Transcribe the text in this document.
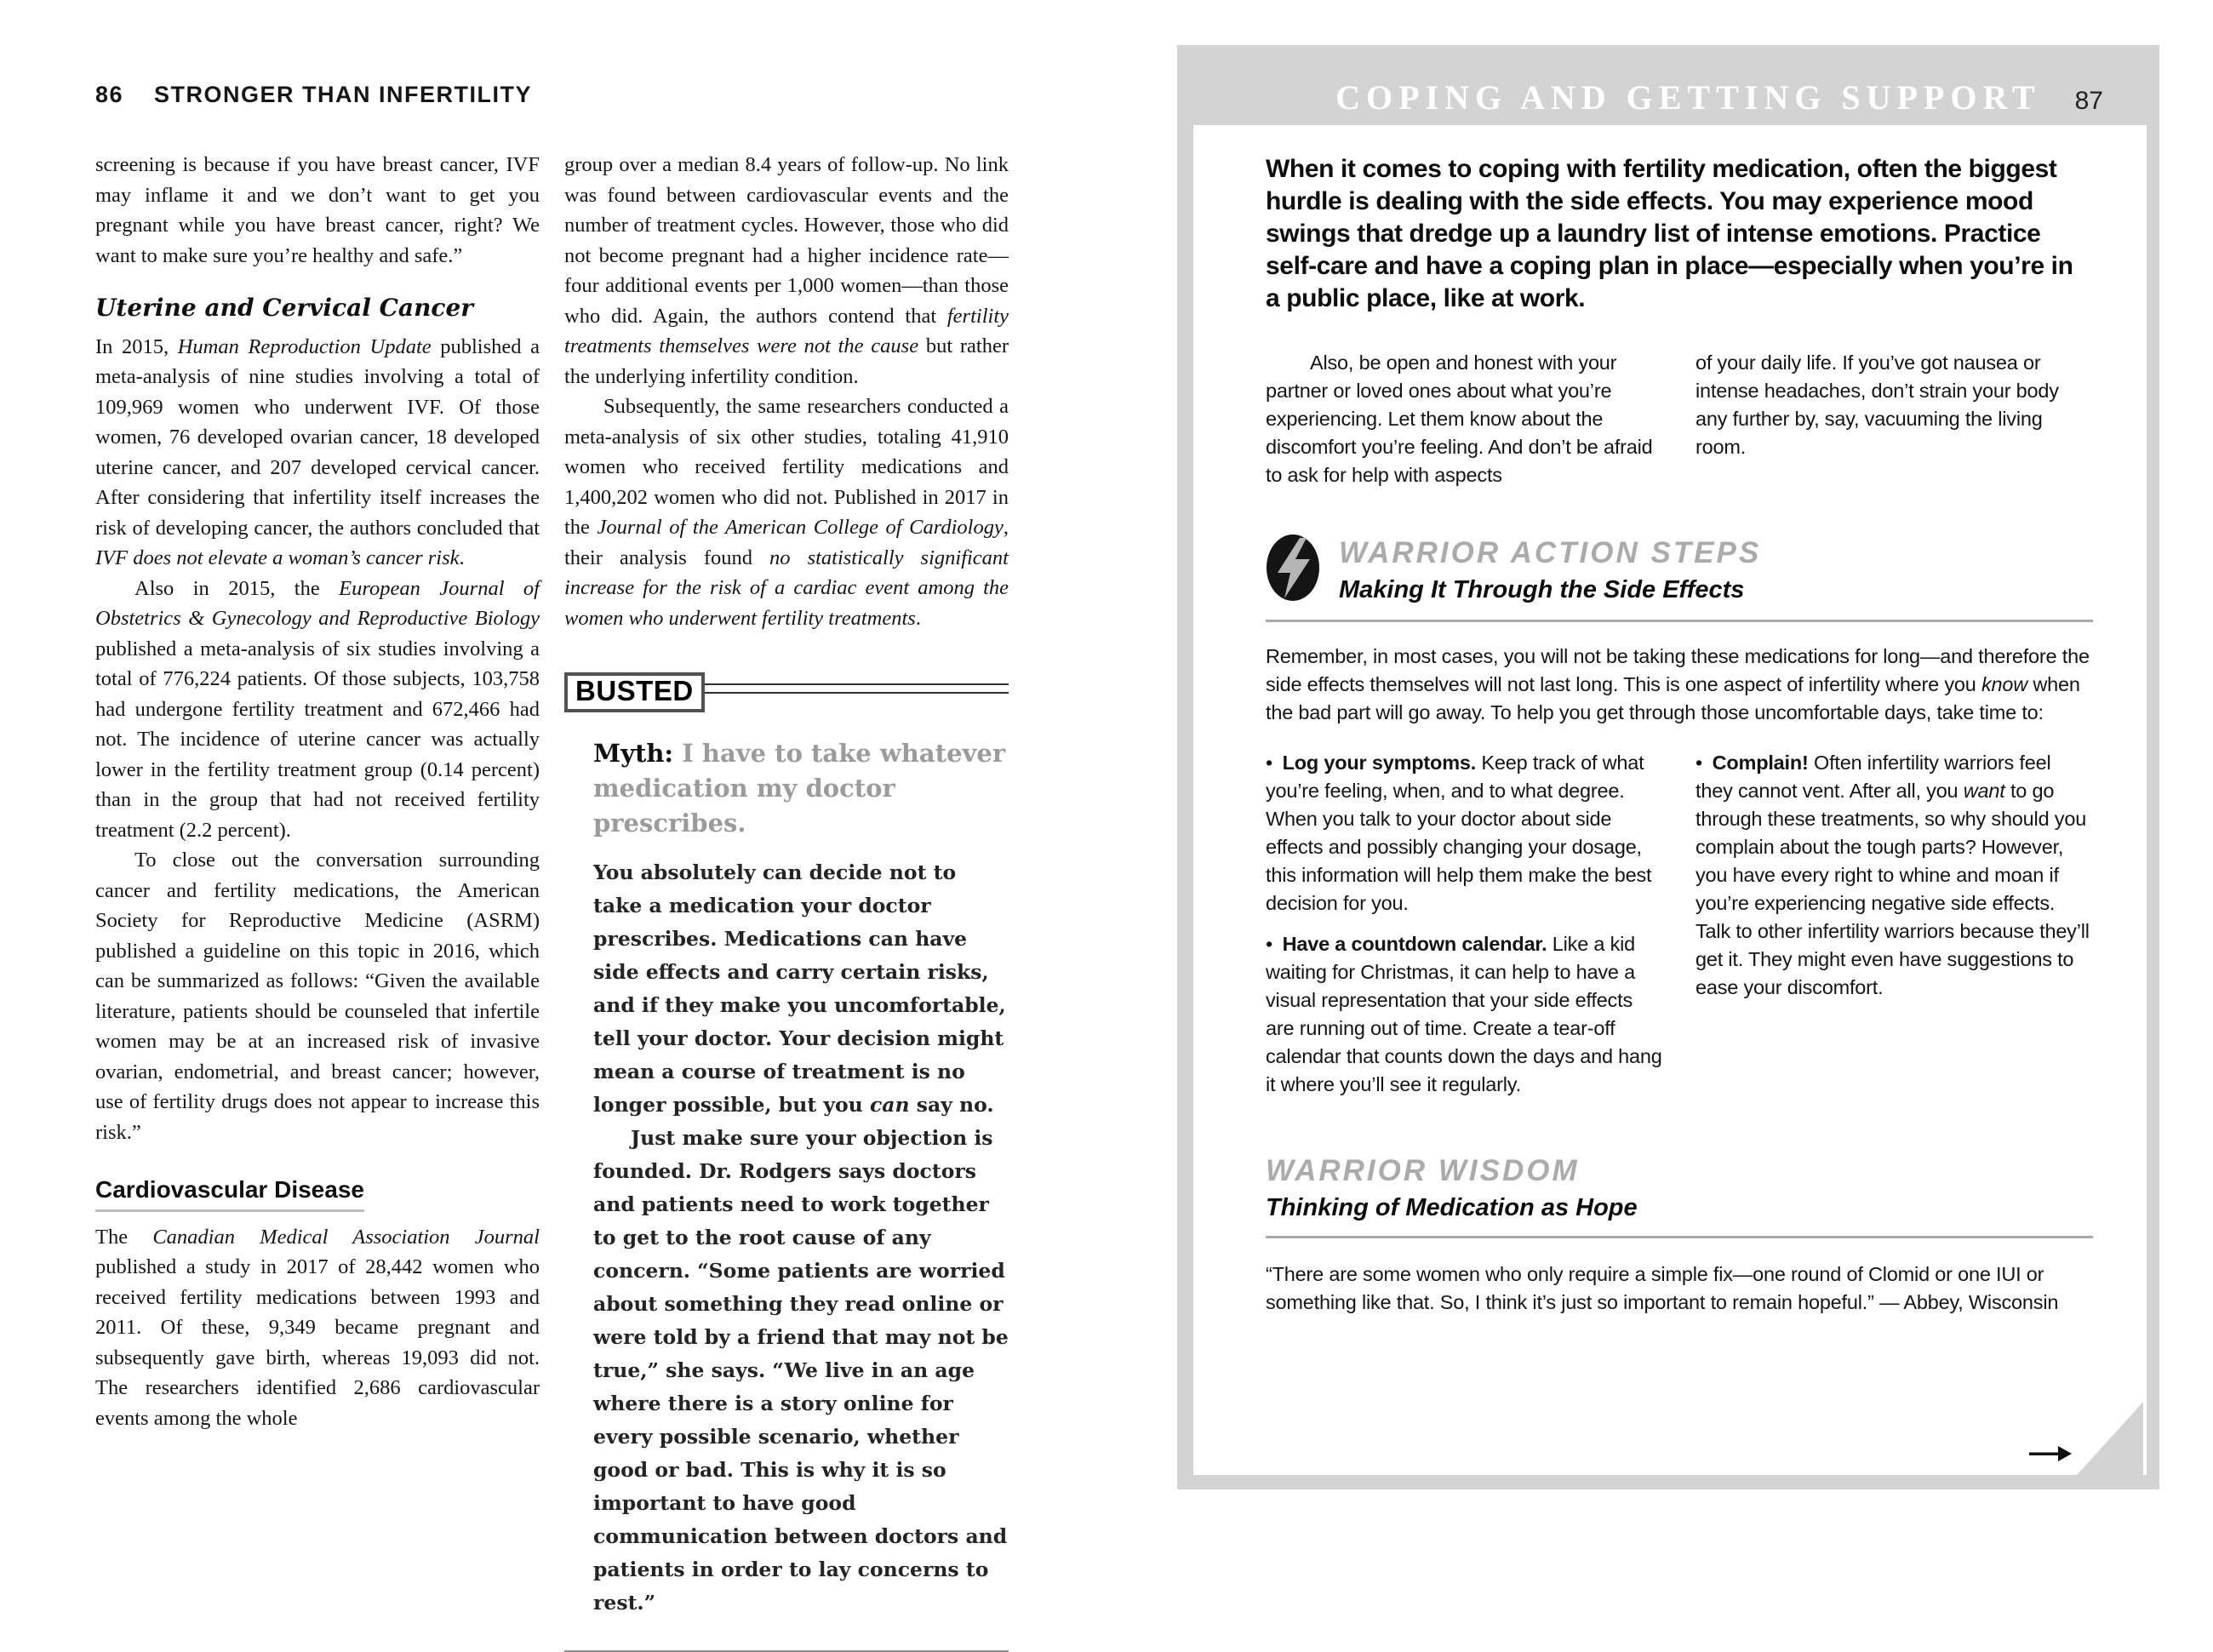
86 STRONGER THAN INFERTILITY

screening is because if you have breast cancer, IVF may inflame it and we don’t want to get you pregnant while you have breast cancer, right? We want to make sure you’re healthy and safe.”

Uterine and Cervical Cancer

In 2015, Human Reproduction Update published a meta-analysis of nine studies involving a total of 109,969 women who underwent IVF. Of those women, 76 developed ovarian cancer, 18 developed uterine cancer, and 207 developed cervical cancer. After considering that infertility itself increases the risk of developing cancer, the authors concluded that IVF does not elevate a woman’s cancer risk.

Also in 2015, the European Journal of Obstetrics & Gynecology and Reproductive Biology published a meta-analysis of six studies involving a total of 776,224 patients. Of those subjects, 103,758 had undergone fertility treatment and 672,466 had not. The incidence of uterine cancer was actually lower in the fertility treatment group (0.14 percent) than in the group that had not received fertility treatment (2.2 percent).

To close out the conversation surrounding cancer and fertility medications, the American Society for Reproductive Medicine (ASRM) published a guideline on this topic in 2016, which can be summarized as follows: “Given the available literature, patients should be counseled that infertile women may be at an increased risk of invasive ovarian, endometrial, and breast cancer; however, use of fertility drugs does not appear to increase this risk.”

Cardiovascular Disease

The Canadian Medical Association Journal published a study in 2017 of 28,442 women who received fertility medications between 1993 and 2011. Of these, 9,349 became pregnant and subsequently gave birth, whereas 19,093 did not. The researchers identified 2,686 cardiovascular events among the whole

group over a median 8.4 years of follow-up. No link was found between cardiovascular events and the number of treatment cycles. However, those who did not become pregnant had a higher incidence rate—four additional events per 1,000 women—than those who did. Again, the authors contend that fertility treatments themselves were not the cause but rather the underlying infertility condition.

Subsequently, the same researchers conducted a meta-analysis of six other studies, totaling 41,910 women who received fertility medications and 1,400,202 women who did not. Published in 2017 in the Journal of the American College of Cardiology, their analysis found no statistically significant increase for the risk of a cardiac event among the women who underwent fertility treatments.

BUSTED
Myth: I have to take whatever medication my doctor prescribes.

You absolutely can decide not to take a medication your doctor prescribes. Medications can have side effects and carry certain risks, and if they make you uncomfortable, tell your doctor. Your decision might mean a course of treatment is no longer possible, but you can say no.

Just make sure your objection is founded. Dr. Rodgers says doctors and patients need to work together to get to the root cause of any concern. “Some patients are worried about something they read online or were told by a friend that may not be true,” she says. “We live in an age where there is a story online for every possible scenario, whether good or bad. This is why it is so important to have good communication between doctors and patients in order to lay concerns to rest.”

COPING AND GETTING SUPPORT 87
When it comes to coping with fertility medication, often the biggest hurdle is dealing with the side effects. You may experience mood swings that dredge up a laundry list of intense emotions. Practice self-care and have a coping plan in place—especially when you’re in a public place, like at work.

Also, be open and honest with your partner or loved ones about what you’re experiencing. Let them know about the discomfort you’re feeling. And don’t be afraid to ask for help with aspects

of your daily life. If you’ve got nausea or intense headaches, don’t strain your body any further by, say, vacuuming the living room.

WARRIOR ACTION STEPS
Making It Through the Side Effects
Remember, in most cases, you will not be taking these medications for long—and therefore the side effects themselves will not last long. This is one aspect of infertility where you know when the bad part will go away. To help you get through those uncomfortable days, take time to:

• Log your symptoms. Keep track of what you’re feeling, when, and to what degree. When you talk to your doctor about side effects and possibly changing your dosage, this information will help them make the best decision for you.

• Have a countdown calendar. Like a kid waiting for Christmas, it can help to have a visual representation that your side effects are running out of time. Create a tear-off calendar that counts down the days and hang it where you’ll see it regularly.

• Complain! Often infertility warriors feel they cannot vent. After all, you want to go through these treatments, so why should you complain about the tough parts? However, you have every right to whine and moan if you’re experiencing negative side effects. Talk to other infertility warriors because they’ll get it. They might even have suggestions to ease your discomfort.

WARRIOR WISDOM
Thinking of Medication as Hope
“There are some women who only require a simple fix—one round of Clomid or one IUI or something like that. So, I think it’s just so important to remain hopeful.” — Abbey, Wisconsin
